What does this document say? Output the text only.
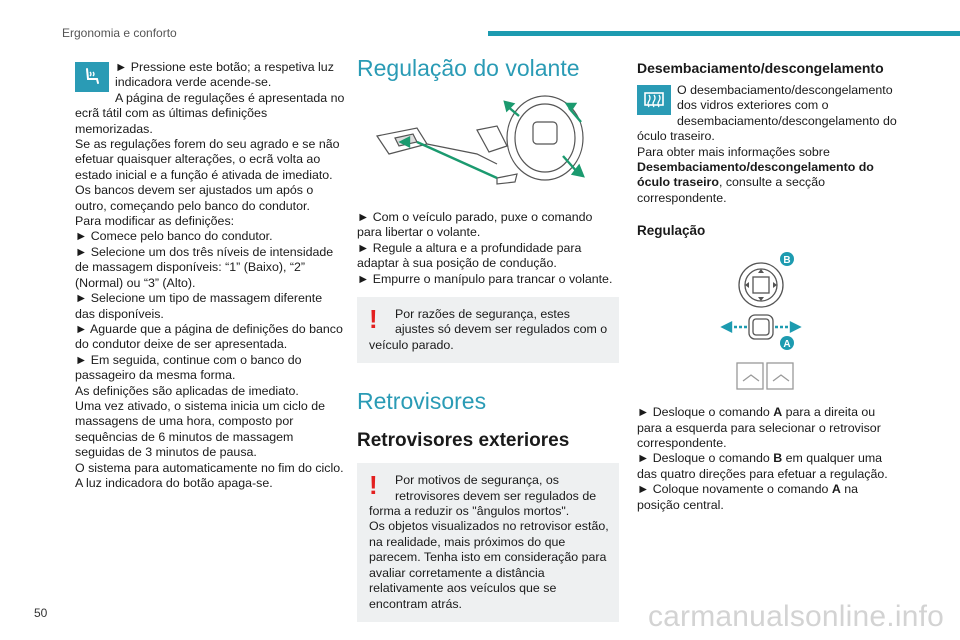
Ergonomia e conforto

► Pressione este botão; a respetiva luz indicadora verde acende-se.

A página de regulações é apresentada no ecrã tátil com as últimas definições memorizadas.

Se as regulações forem do seu agrado e se não efetuar quaisquer alterações, o ecrã volta ao estado inicial e a função é ativada de imediato.

Os bancos devem ser ajustados um após o outro, começando pelo banco do condutor.

Para modificar as definições:

► Comece pelo banco do condutor.

► Selecione um dos três níveis de intensidade de massagem disponíveis: “1” (Baixo), “2” (Normal) ou “3” (Alto).

► Selecione um tipo de massagem diferente das disponíveis.

► Aguarde que a página de definições do banco do condutor deixe de ser apresentada.

► Em seguida, continue com o banco do passageiro da mesma forma.

As definições são aplicadas de imediato.

Uma vez ativado, o sistema inicia um ciclo de massagens de uma hora, composto por sequências de 6 minutos de massagem seguidas de 3 minutos de pausa.

O sistema para automaticamente no fim do ciclo.

A luz indicadora do botão apaga-se.

Regulação do volante

► Com o veículo parado, puxe o comando para libertar o volante.

► Regule a altura e a profundidade para adaptar à sua posição de condução.

► Empurre o manípulo para trancar o volante.

!	Por razões de segurança, estes ajustes só devem ser regulados com o veículo parado.

Retrovisores
Retrovisores exteriores
!	Por motivos de segurança, os retrovisores devem ser regulados de forma a reduzir os "ângulos mortos".

Os objetos visualizados no retrovisor estão, na realidade, mais próximos do que parecem. Tenha isto em consideração para avaliar corretamente a distância relativamente aos veículos que se encontram atrás.

Desembaciamento/descongelamento

O desembaciamento/descongelamento dos vidros exteriores com o desembaciamento/descongelamento do óculo traseiro.

Para obter mais informações sobre Desembaciamento/descongelamento do óculo traseiro, consulte a secção correspondente.

Regulação
B
A

► Desloque o comando A para a direita ou para a esquerda para selecionar o retrovisor correspondente.

► Desloque o comando B em qualquer uma das quatro direções para efetuar a regulação.

► Coloque novamente o comando A na posição central.

50	carmanualsonline.info
